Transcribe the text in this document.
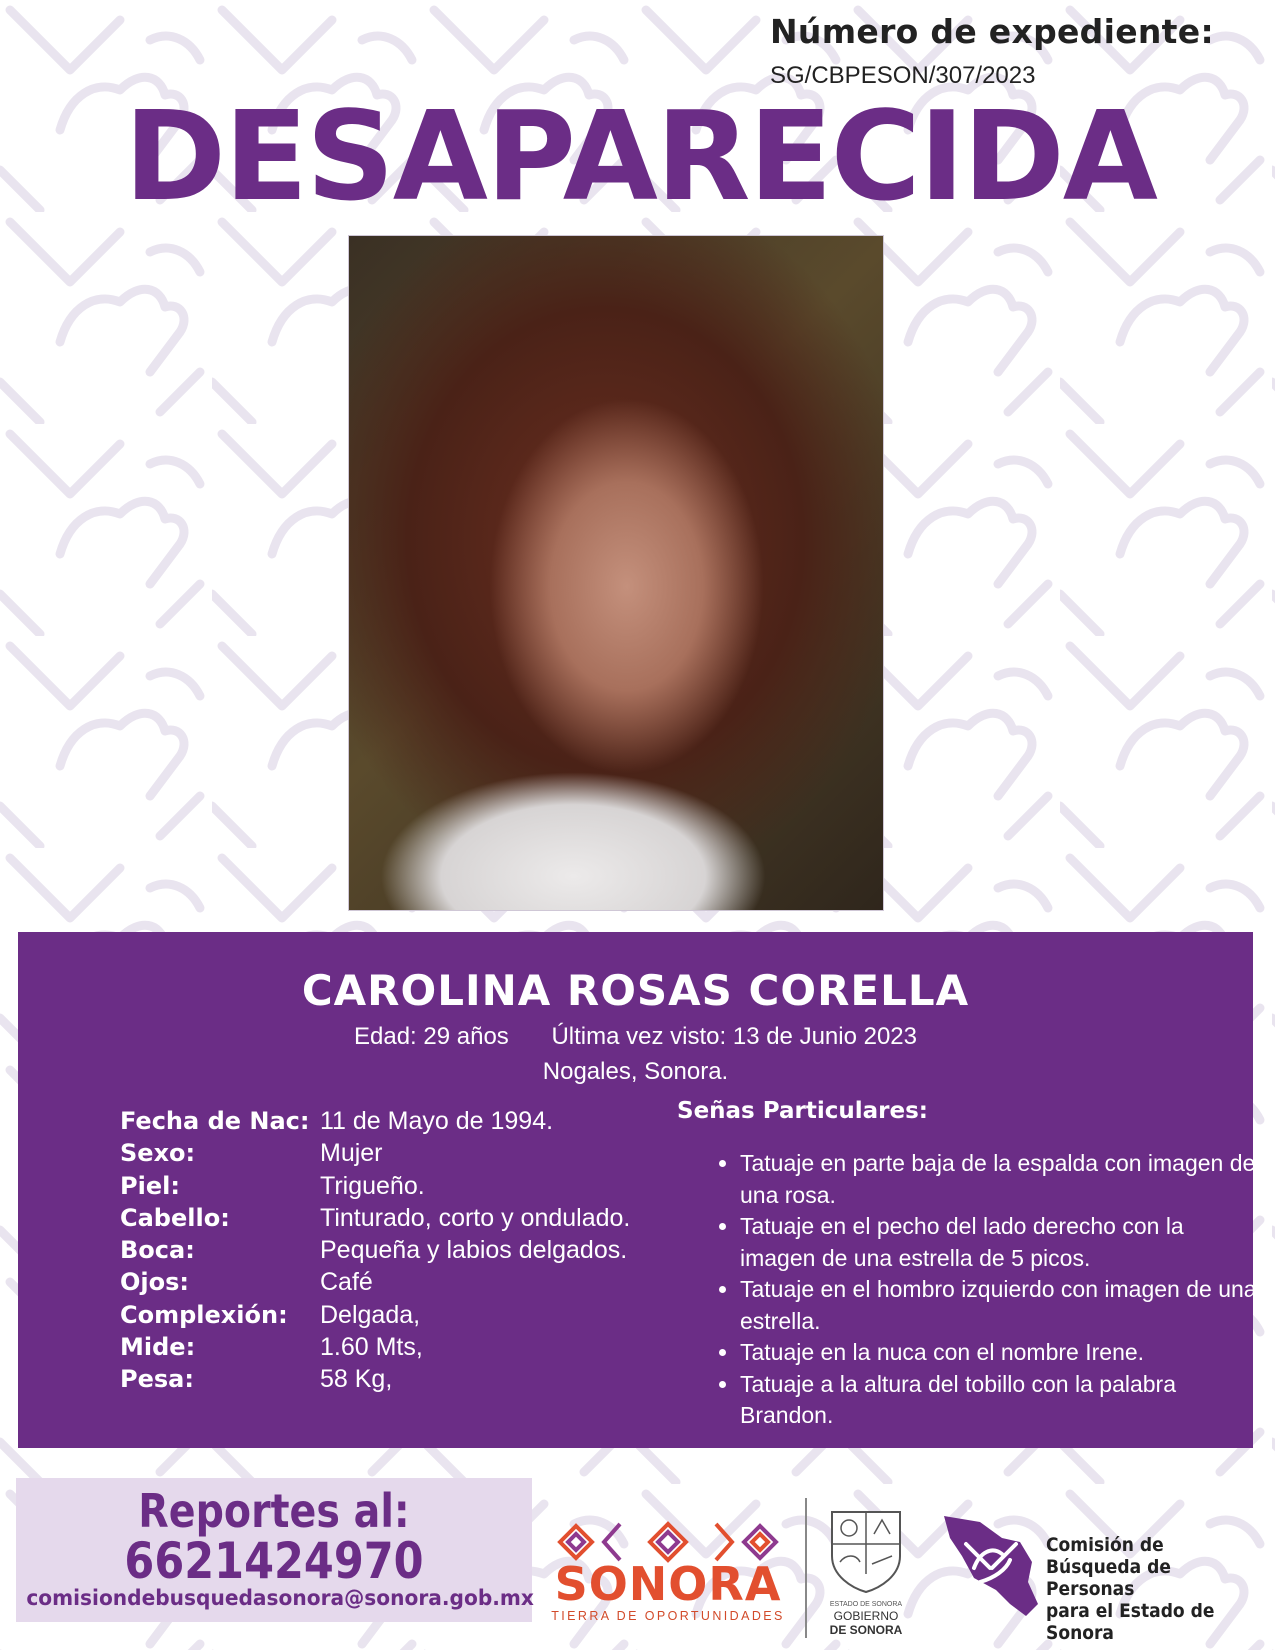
Número de expediente:
SG/CBPESON/307/2023
DESAPARECIDA
CAROLINA ROSAS CORELLA
Edad: 29 años Última vez visto: 13 de Junio 2023
Nogales, Sonora.
Fecha de Nac: 11 de Mayo de 1994.
Sexo:	Mujer
Piel:	Trigueño.
Cabello:	Tinturado, corto y ondulado.
Boca:	Pequeña y labios delgados.
Ojos:	Café
Complexión:	Delgada,
Mide:	1.60 Mts,
Pesa:	58 Kg,
Señas Particulares:
• Tatuaje en parte baja de la espalda con imagen de una rosa.
• Tatuaje en el pecho del lado derecho con la imagen de una estrella de 5 picos.
• Tatuaje en el hombro izquierdo con imagen de una estrella.
• Tatuaje en la nuca con el nombre Irene.
• Tatuaje a la altura del tobillo con la palabra Brandon.
Reportes al:
6621424970
comisiondebusquedasonora@sonora.gob.mx SONORA
TIERRA DE OPORTUNIDADES
ESTADO DE SONORA
GOBIERNO
DE SONORA
Comisión de
Búsqueda de Personas
para el Estado de Sonora
